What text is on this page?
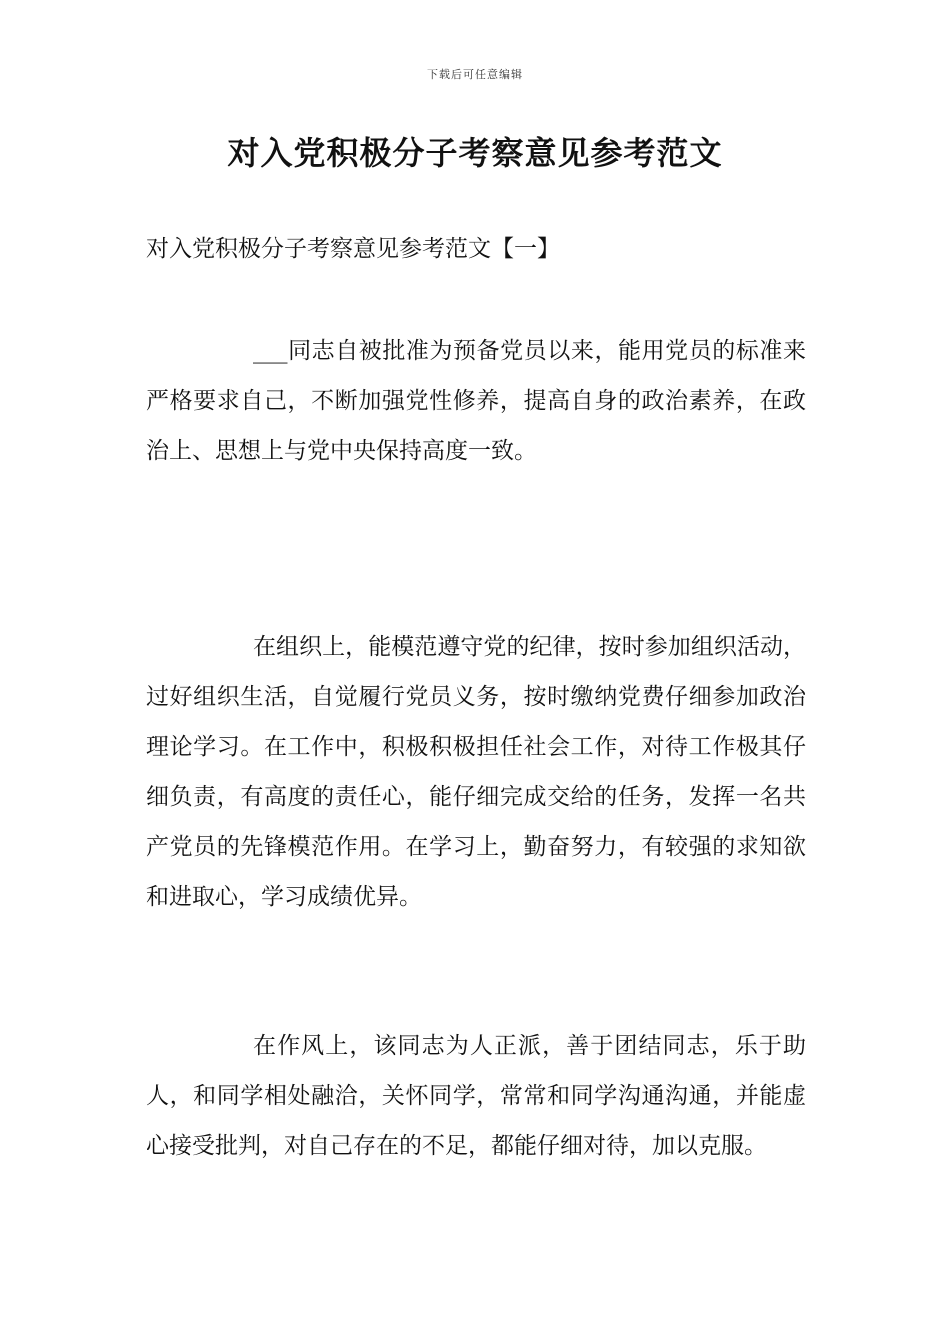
下载后可任意编辑
对入党积极分子考察意见参考范文
对入党积极分子考察意见参考范文【一】

___同志自被批准为预备党员以来，能用党员的标准来严格要求自己，不断加强党性修养，提高自身的政治素养，在政治上、思想上与党中央保持高度一致。

在组织上，能模范遵守党的纪律，按时参加组织活动，过好组织生活，自觉履行党员义务，按时缴纳党费仔细参加政治理论学习。在工作中，积极积极担任社会工作，对待工作极其仔细负责，有高度的责任心，能仔细完成交给的任务，发挥一名共产党员的先锋模范作用。在学习上，勤奋努力，有较强的求知欲和进取心，学习成绩优异。

在作风上，该同志为人正派，善于团结同志，乐于助人，和同学相处融洽，关怀同学，常常和同学沟通沟通，并能虚心接受批判，对自己存在的不足，都能仔细对待，加以克服。
